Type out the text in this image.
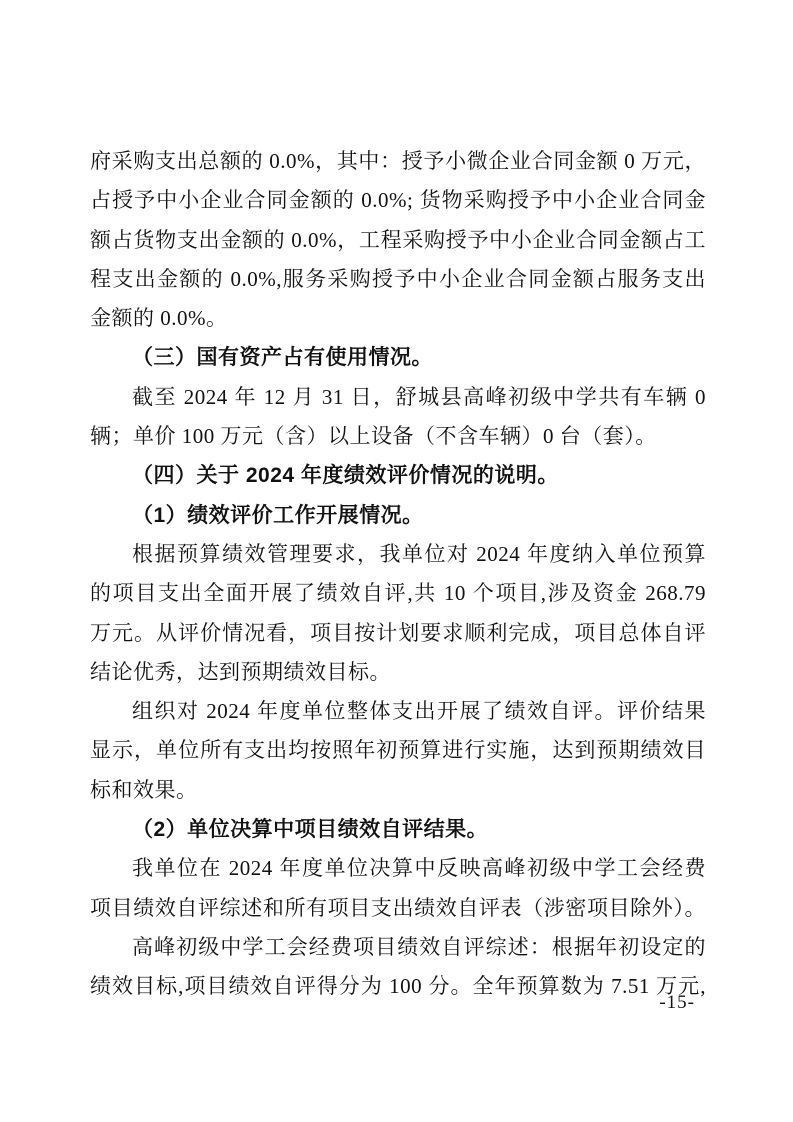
府采购支出总额的 0.0%，其中：授予小微企业合同金额 0 万元，
占授予中小企业合同金额的 0.0%; 货物采购授予中小企业合同金
额占货物支出金额的 0.0%，工程采购授予中小企业合同金额占工
程支出金额的 0.0%,服务采购授予中小企业合同金额占服务支出
金额的 0.0%。
（三）国有资产占有使用情况。
截至 2024 年 12 月 31 日，舒城县高峰初级中学共有车辆 0
辆；单价 100 万元（含）以上设备（不含车辆）0 台（套）。
（四）关于 2024 年度绩效评价情况的说明。
（1）绩效评价工作开展情况。
根据预算绩效管理要求，我单位对 2024 年度纳入单位预算
的项目支出全面开展了绩效自评,共 10 个项目,涉及资金 268.79
万元。从评价情况看，项目按计划要求顺利完成，项目总体自评
结论优秀，达到预期绩效目标。
组织对 2024 年度单位整体支出开展了绩效自评。评价结果
显示，单位所有支出均按照年初预算进行实施，达到预期绩效目
标和效果。
（2）单位决算中项目绩效自评结果。
我单位在 2024 年度单位决算中反映高峰初级中学工会经费
项目绩效自评综述和所有项目支出绩效自评表（涉密项目除外）。
高峰初级中学工会经费项目绩效自评综述：根据年初设定的
绩效目标,项目绩效自评得分为 100 分。全年预算数为 7.51 万元,
-15-
